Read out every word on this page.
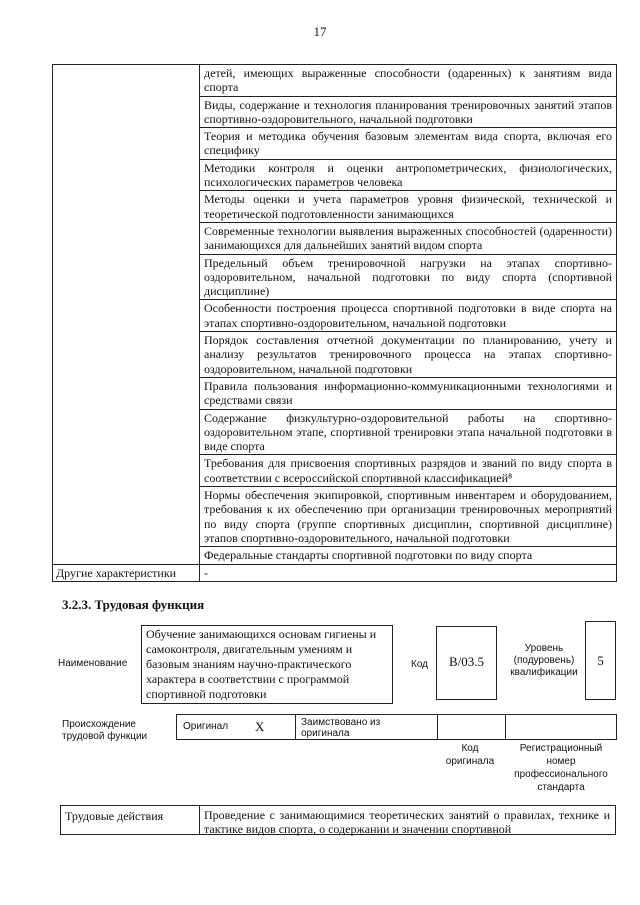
17
	детей, имеющих выраженные способности (одаренных) к занятиям вида спорта
	Виды, содержание и технология планирования тренировочных занятий этапов спортивно-оздоровительного, начальной подготовки
	Теория и методика обучения базовым элементам вида спорта, включая его специфику
	Методики контроля и оценки антропометрических, физиологических, психологических параметров человека
	Методы оценки и учета параметров уровня физической, технической и теоретической подготовленности занимающихся
	Современные технологии выявления выраженных способностей (одаренности) занимающихся для дальнейших занятий видом спорта
	Предельный объем тренировочной нагрузки на этапах спортивно-оздоровительном, начальной подготовки по виду спорта (спортивной дисциплине)
	Особенности построения процесса спортивной подготовки в виде спорта на этапах спортивно-оздоровительном, начальной подготовки
	Порядок составления отчетной документации по планированию, учету и анализу результатов тренировочного процесса на этапах спортивно-оздоровительном, начальной подготовки
	Правила пользования информационно-коммуникационными технологиями и средствами связи
	Содержание физкультурно-оздоровительной работы на спортивно-оздоровительном этапе, спортивной тренировки этапа начальной подготовки в виде спорта
	Требования для присвоения спортивных разрядов и званий по виду спорта в соответствии с всероссийской спортивной классификацией⁸
	Нормы обеспечения экипировкой, спортивным инвентарем и оборудованием, требования к их обеспечению при организации тренировочных мероприятий по виду спорта (группе спортивных дисциплин, спортивной дисциплине) этапов спортивно-оздоровительного, начальной подготовки
	Федеральные стандарты спортивной подготовки по виду спорта

Другие характеристики	-
3.2.3. Трудовая функция
Наименование
Обучение занимающихся основам гигиены и самоконтроля, двигательным умениям и базовым знаниям научно-практического характера в соответствии с программой спортивной подготовки
Код	В/03.5
Уровень (подуровень) квалификации
5
Происхождение трудовой функции
Оригинал X	Заимствовано из оригинала
Код оригинала
Регистрационный номер профессионального стандарта
Трудовые действия	Проведение с занимающимися теоретических занятий о правилах, технике и тактике видов спорта, о содержании и значении спортивной
